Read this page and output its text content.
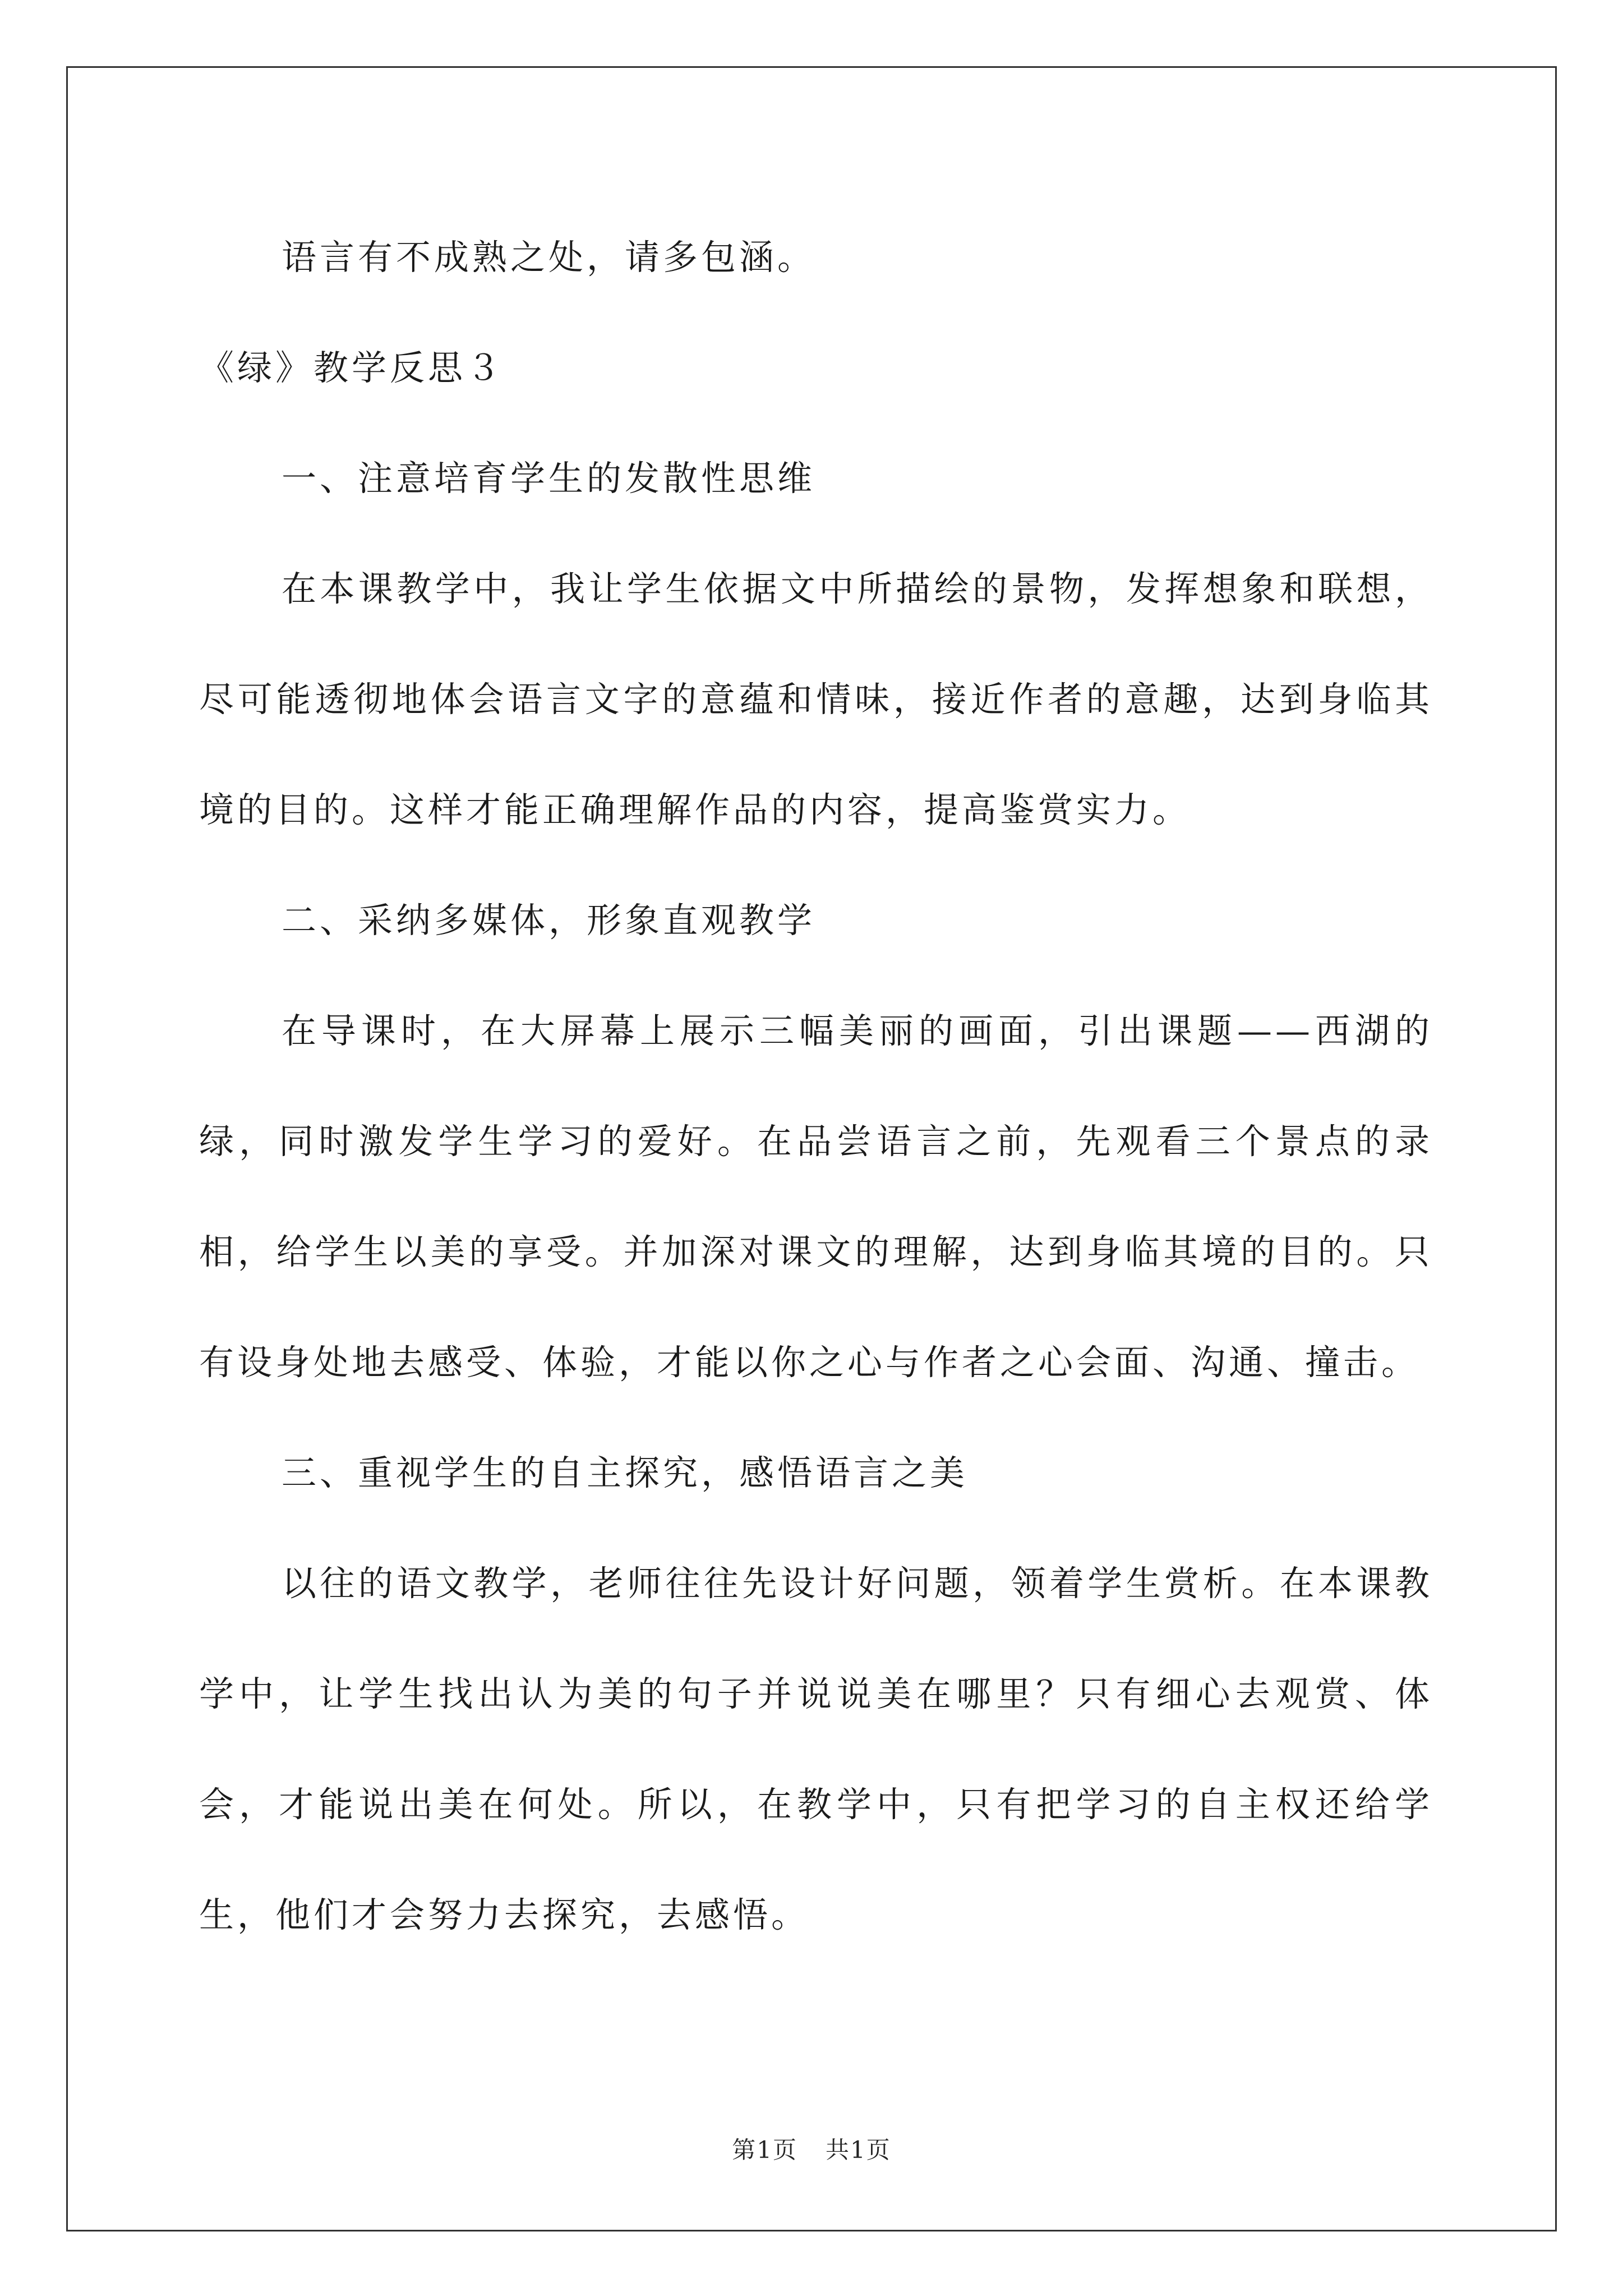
语言有不成熟之处，请多包涵。

《绿》教学反思３

一、注意培育学生的发散性思维

在本课教学中，我让学生依据文中所描绘的景物，发挥想象和联想，尽可能透彻地体会语言文字的意蕴和情味，接近作者的意趣，达到身临其境的目的。这样才能正确理解作品的内容，提高鉴赏实力。

二、采纳多媒体，形象直观教学

在导课时，在大屏幕上展示三幅美丽的画面，引出课题——西湖的绿，同时激发学生学习的爱好。在品尝语言之前，先观看三个景点的录相，给学生以美的享受。并加深对课文的理解，达到身临其境的目的。只有设身处地去感受、体验，才能以你之心与作者之心会面、沟通、撞击。

三、重视学生的自主探究，感悟语言之美

以往的语文教学，老师往往先设计好问题，领着学生赏析。在本课教学中，让学生找出认为美的句子并说说美在哪里？只有细心去观赏、体会，才能说出美在何处。所以，在教学中，只有把学习的自主权还给学生，他们才会努力去探究，去感悟。

第1页 共1页
